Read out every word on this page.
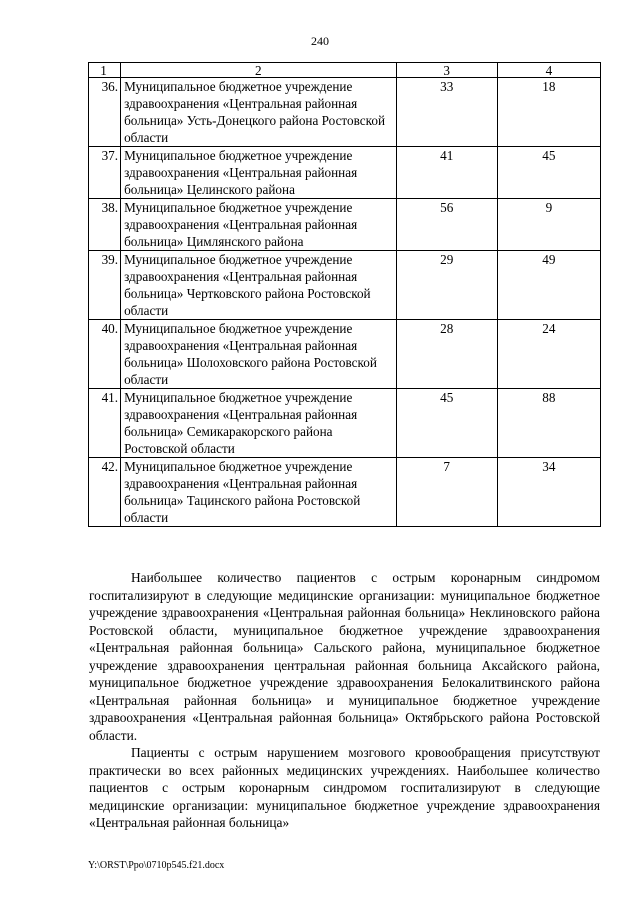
240
1	2	3	4
36.	Муниципальное бюджетное учреждение здравоохранения «Центральная районная больница» Усть-Донецкого района Ростовской области	33	18
37.	Муниципальное бюджетное учреждение здравоохранения «Центральная районная больница» Целинского района	41	45
38.	Муниципальное бюджетное учреждение здравоохранения «Центральная районная больница» Цимлянского района	56	9
39.	Муниципальное бюджетное учреждение здравоохранения «Центральная районная больница» Чертковского района Ростовской области	29	49
40.	Муниципальное бюджетное учреждение здравоохранения «Центральная районная больница» Шолоховского района Ростовской области	28	24
41.	Муниципальное бюджетное учреждение здравоохранения «Центральная районная больница» Семикаракорского района Ростовской области	45	88
42.	Муниципальное бюджетное учреждение здравоохранения «Центральная районная больница» Тацинского района Ростовской области	7	34

Наибольшее количество пациентов с острым коронарным синдромом госпитализируют в следующие медицинские организации: муниципальное бюджетное учреждение здравоохранения «Центральная районная больница» Неклиновского района Ростовской области, муниципальное бюджетное учреждение здравоохранения «Центральная районная больница» Сальского района, муниципальное бюджетное учреждение здравоохранения центральная районная больница Аксайского района, муниципальное бюджетное учреждение здравоохранения Белокалитвинского района «Центральная районная больница» и муниципальное бюджетное учреждение здравоохранения «Центральная районная больница» Октябрьского района Ростовской области.

Пациенты с острым нарушением мозгового кровообращения присутствуют практически во всех районных медицинских учреждениях. Наибольшее количество пациентов с острым коронарным синдромом госпитализируют в следующие медицинские организации: муниципальное бюджетное учреждение здравоохранения «Центральная районная больница»

Y:\ORST\Ppo\0710p545.f21.docx
